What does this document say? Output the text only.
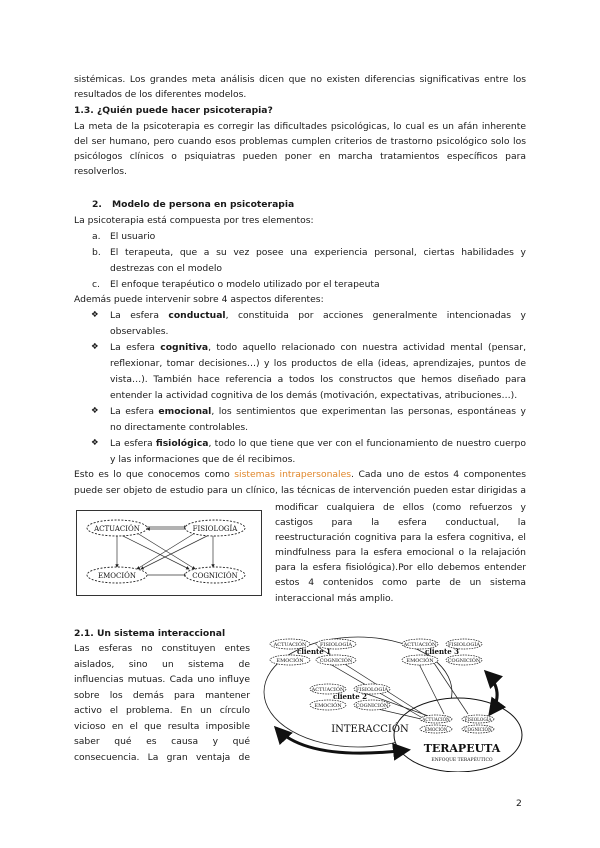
sistémicas. Los grandes meta análisis dicen que no existen diferencias significativas entre los
resultados de los diferentes modelos.
1.3. ¿Quién puede hacer psicoterapia?
La meta de la psicoterapia es corregir las dificultades psicológicas, lo cual es un afán inherente
del ser humano, pero cuando esos problemas cumplen criterios de trastorno psicológico solo los
psicólogos clínicos o psiquiatras pueden poner en marcha tratamientos específicos para
resolverlos.
2. Modelo de persona en psicoterapia
La psicoterapia está compuesta por tres elementos:
a. El usuario
b. El terapeuta, que a su vez posee una experiencia personal, ciertas habilidades y
destrezas con el modelo
c. El enfoque terapéutico o modelo utilizado por el terapeuta
Además puede intervenir sobre 4 aspectos diferentes:
❖ La esfera conductual, constituida por acciones generalmente intencionadas y
observables.
❖ La esfera cognitiva, todo aquello relacionado con nuestra actividad mental (pensar,
reflexionar, tomar decisiones…) y los productos de ella (ideas, aprendizajes, puntos de
vista…). También hace referencia a todos los constructos que hemos diseñado para
entender la actividad cognitiva de los demás (motivación, expectativas, atribuciones…).
❖ La esfera emocional, los sentimientos que experimentan las personas, espontáneas y
no directamente controlables.
❖ La esfera fisiológica, todo lo que tiene que ver con el funcionamiento de nuestro cuerpo
y las informaciones que de él recibimos.
Esto es lo que conocemos como sistemas intrapersonales. Cada uno de estos 4 componentes
puede ser objeto de estudio para un clínico, las técnicas de intervención pueden estar dirigidas a
modificar cualquiera de ellos (como refuerzos y
castigos para la esfera conductual, la
reestructuración cognitiva para la esfera cognitiva, el
mindfulness para la esfera emocional o la relajación
para la esfera fisiológica).Por ello debemos entender
estos 4 contenidos como parte de un sistema
interaccional más amplio.
ACTUACIÓN	FISIOLOGÍA
EMOCIÓN	COGNICIÓN
2.1. Un sistema interaccional
Las esferas no constituyen entes
aislados, sino un sistema de
influencias mutuas. Cada uno influye
sobre los demás para mantener
activo el problema. En un círculo
vicioso en el que resulta imposible
saber qué es causa y qué
consecuencia. La gran ventaja de
ACTUACIÓN	FISIOLOGÍA
EMOCIÓN	COGNICIÓN
ACTUACIÓN FISIOLOGÍA
EMOCIÓN	COGNICIÓN
ACTUACIÓN FISIOLOGÍA
EMOCIÓN	COGNICIÓN
ACTUACIÓN	FISIOLOGÍA
EMOCIÓN	COGNICIÓN
cliente 1	cliente 3
cliente 2
INTERACCIÓN
TERAPEUTA
ENFOQUE TERAPÉUTICO
2
